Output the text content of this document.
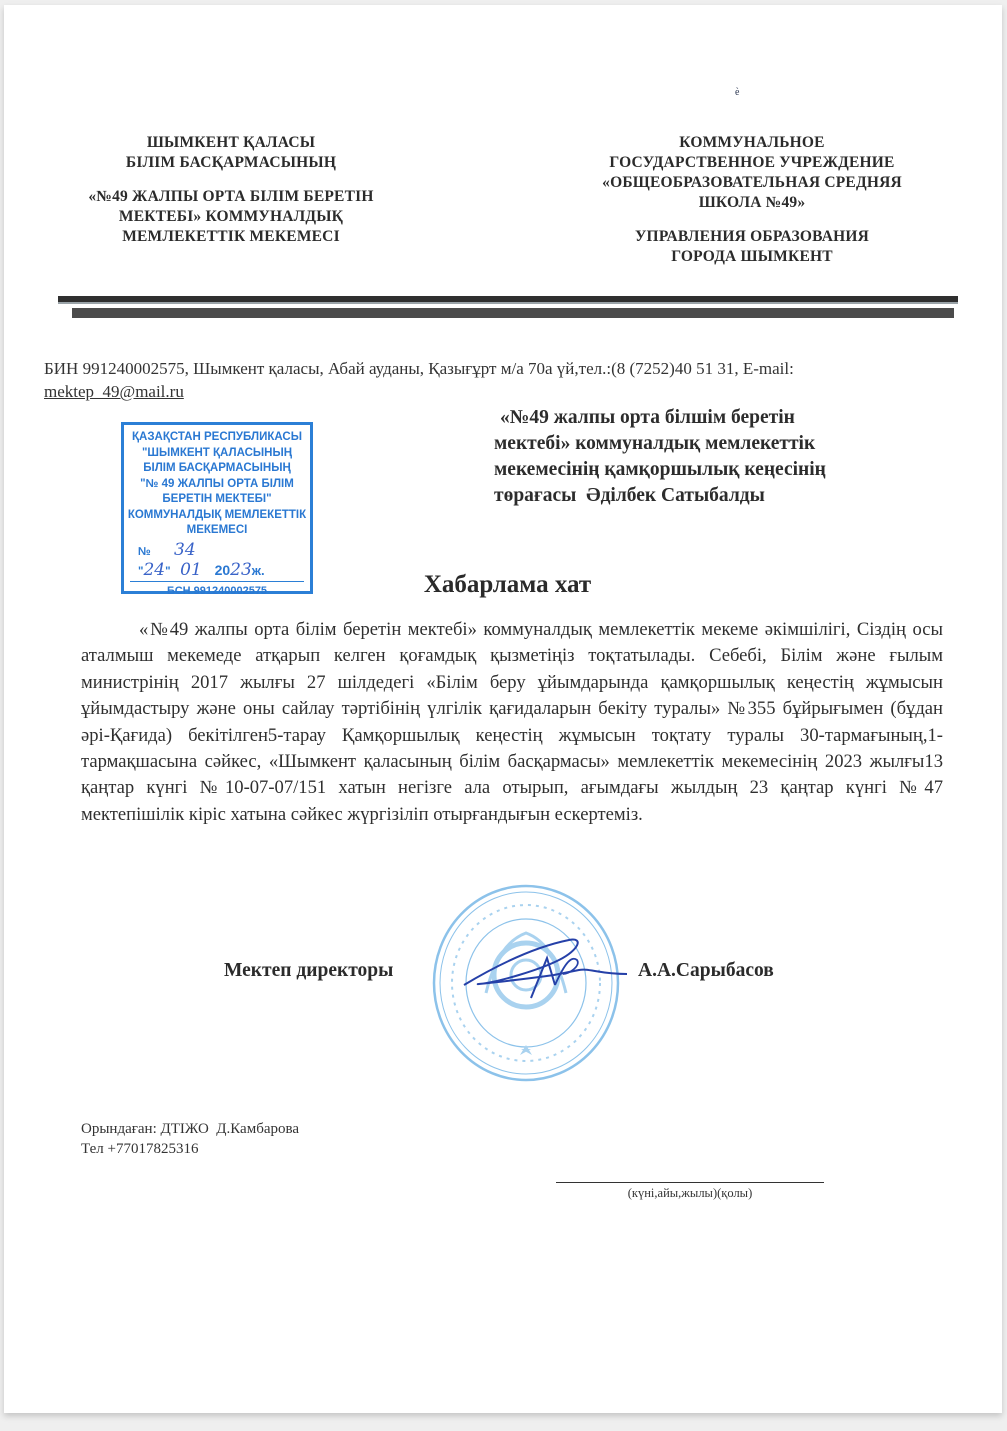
ѐ

ШЫМКЕНТ ҚАЛАСЫ

БІЛІМ БАСҚАРМАСЫНЫҢ

«№49 ЖАЛПЫ ОРТА БІЛІМ БЕРЕТІН

МЕКТЕБІ» КОММУНАЛДЫҚ

МЕМЛЕКЕТТІК МЕКЕМЕСІ

КОММУНАЛЬНОЕ

ГОСУДАРСТВЕННОЕ УЧРЕЖДЕНИЕ

«ОБЩЕОБРАЗОВАТЕЛЬНАЯ СРЕДНЯЯ

ШКОЛА №49»

УПРАВЛЕНИЯ ОБРАЗОВАНИЯ

ГОРОДА ШЫМКЕНТ

БИН 991240002575, Шымкент қаласы, Абай ауданы, Қазығұрт м/а 70а үй,тел.:(8 (7252)40 51 31, E-mail:
mektep_49@mail.ru

ҚАЗАҚСТАН РЕСПУБЛИКАСЫ

"ШЫМКЕНТ ҚАЛАСЫНЫҢ

БІЛІМ БАСҚАРМАСЫНЫҢ

"№ 49 ЖАЛПЫ ОРТА БІЛІМ

БЕРЕТІН МЕКТЕБІ"

КОММУНАЛДЫҚ МЕМЛЕКЕТТІК

МЕКЕМЕСІ

№ 34

"24"   01 2023ж.

БСН 991240002575

«№49 жалпы орта білшім беретін
мектебі» коммуналдық мемлекеттік
мекемесінің қамқоршылық кеңесінің
төрағасы  Әділбек Сатыбалды
Хабарлама хат

«№49 жалпы орта білім беретін мектебі» коммуналдық мемлекеттік мекеме әкімшілігі, Сіздің осы аталмыш мекемеде атқарып келген қоғамдық қызметіңіз тоқтатылады. Себебі, Білім және ғылым министрінің 2017 жылғы 27 шілдедегі «Білім беру ұйымдарында қамқоршылық кеңестің жұмысын ұйымдастыру және оны сайлау тәртібінің үлгілік қағидаларын бекіту туралы» №355 бұйрығымен (бұдан әрі-Қағида) бекітілген5-тарау Қамқоршылық кеңестің жұмысын тоқтату туралы 30-тармағының,1-тармақшасына сәйкес, «Шымкент қаласының білім басқармасы» мемлекеттік мекемесінің 2023 жылғы13 қаңтар күнгі №10-07-07/151 хатын негізге ала отырып, ағымдағы жылдың 23 қаңтар күнгі №47 мектепішілік кіріс хатына сәйкес жүргізіліп отырғандығын ескертеміз.

Мектеп директоры	А.А.Сарыбасов

Орындаған: ДТІЖО  Д.Камбарова

Тел +77017825316

(күні,айы,жылы)(қолы)
